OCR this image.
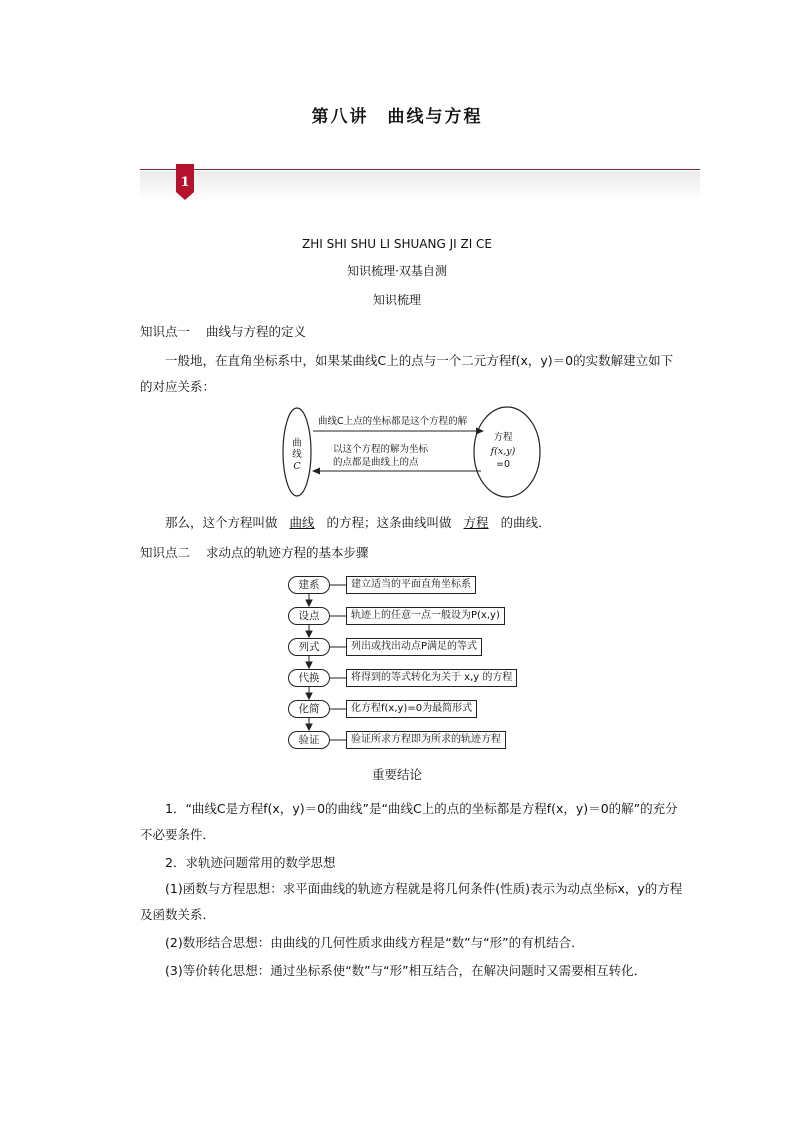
第八讲　曲线与方程
1
ZHI SHI SHU LI SHUANG JI ZI CE
知识梳理·双基自测
知识梳理
知识点一 曲线与方程的定义
一般地，在直角坐标系中，如果某曲线C上的点与一个二元方程f(x，y)＝0的实数解建立如下的对应关系：
曲
线
C
曲线C上点的坐标都是这个方程的解
以这个方程的解为坐标
的点都是曲线上的点
方程
f(x,y)
=0
那么，这个方程叫做 曲线 的方程；这条曲线叫做 方程 的曲线．
知识点二 求动点的轨迹方程的基本步骤
建系	建立适当的平面直角坐标系
设点	轨迹上的任意一点一般设为P(x,y)
列式	列出或找出动点P满足的等式
代换	将得到的等式转化为关于 x,y 的方程
化简	化方程f(x,y)=0为最简形式
验证	验证所求方程即为所求的轨迹方程
重要结论
1．“曲线C是方程f(x，y)＝0的曲线”是“曲线C上的点的坐标都是方程f(x，y)＝0的解”的充分不必要条件．
2．求轨迹问题常用的数学思想
(1)函数与方程思想：求平面曲线的轨迹方程就是将几何条件(性质)表示为动点坐标x，y的方程及函数关系．
(2)数形结合思想：由曲线的几何性质求曲线方程是“数”与“形”的有机结合．
(3)等价转化思想：通过坐标系使“数”与“形”相互结合，在解决问题时又需要相互转化．
